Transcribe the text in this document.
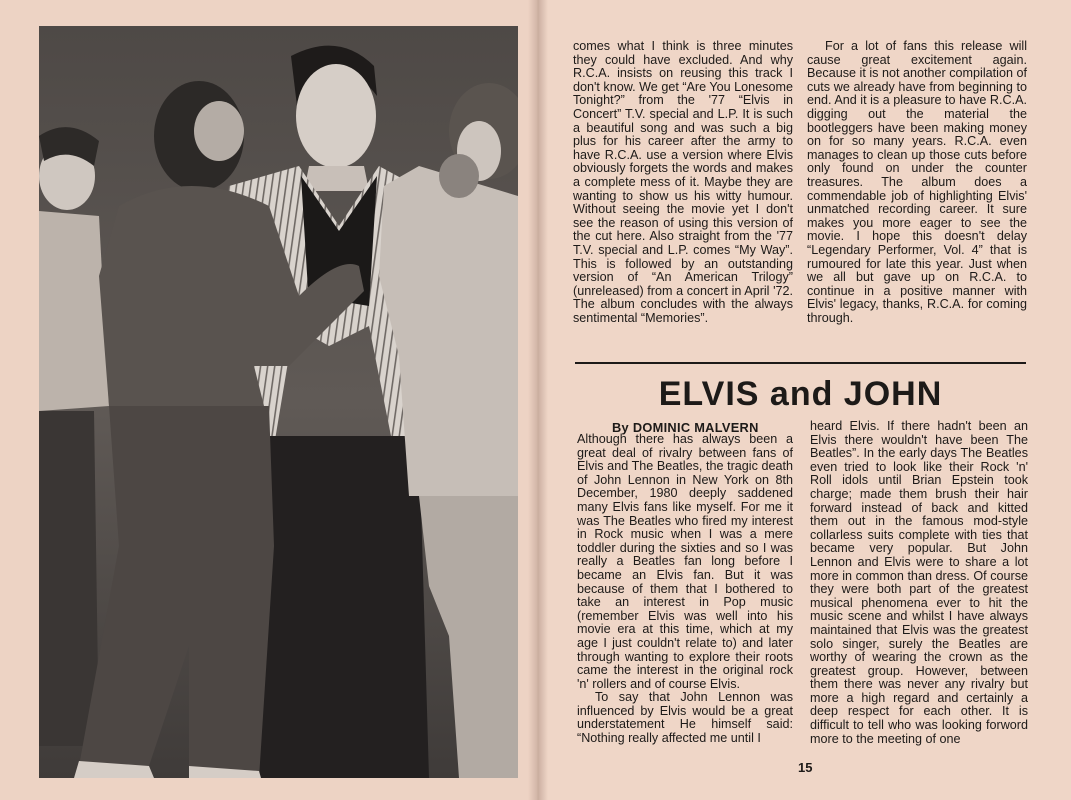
comes what I think is three minutes they could have excluded. And why R.C.A. insists on reusing this track I don't know. We get “Are You Lonesome Tonight?” from the '77 “Elvis in Concert” T.V. special and L.P. It is such a beautiful song and was such a big plus for his career after the army to have R.C.A. use a version where Elvis obviously forgets the words and makes a complete mess of it. Maybe they are wanting to show us his witty humour. Without seeing the movie yet I don't see the reason of using this version of the cut here. Also straight from the '77 T.V. special and L.P. comes “My Way”. This is followed by an outstanding version of “An American Trilogy” (unreleased) from a concert in April '72. The album concludes with the always sentimental “Memories”.

For a lot of fans this release will cause great excitement again. Because it is not another compilation of cuts we already have from beginning to end. And it is a pleasure to have R.C.A. digging out the material the bootleggers have been making money on for so many years. R.C.A. even manages to clean up those cuts before only found on under the counter treasures. The album does a commendable job of highlighting Elvis' unmatched recording career. It sure makes you more eager to see the movie. I hope this doesn't delay “Legendary Performer, Vol. 4” that is rumoured for late this year. Just when we all but gave up on R.C.A. to continue in a positive manner with Elvis' legacy, thanks, R.C.A. for coming through.

ELVIS and JOHN
By DOMINIC MALVERN

Although there has always been a great deal of rivalry between fans of Elvis and The Beatles, the tragic death of John Lennon in New York on 8th December, 1980 deeply saddened many Elvis fans like myself. For me it was The Beatles who fired my interest in Rock music when I was a mere toddler during the sixties and so I was really a Beatles fan long before I became an Elvis fan. But it was because of them that I bothered to take an interest in Pop music (remember Elvis was well into his movie era at this time, which at my age I just couldn't relate to) and later through wanting to explore their roots came the interest in the original rock 'n' rollers and of course Elvis.

To say that John Lennon was influenced by Elvis would be a great understatement He himself said: “Nothing really affected me until I

heard Elvis. If there hadn't been an Elvis there wouldn't have been The Beatles”. In the early days The Beatles even tried to look like their Rock 'n' Roll idols until Brian Epstein took charge; made them brush their hair forward instead of back and kitted them out in the famous mod-style collarless suits complete with ties that became very popular. But John Lennon and Elvis were to share a lot more in common than dress. Of course they were both part of the greatest musical phenomena ever to hit the music scene and whilst I have always maintained that Elvis was the greatest solo singer, surely the Beatles are worthy of wearing the crown as the greatest group. However, between them there was never any rivalry but more a high regard and certainly a deep respect for each other. It is difficult to tell who was looking forword more to the meeting of one

15
